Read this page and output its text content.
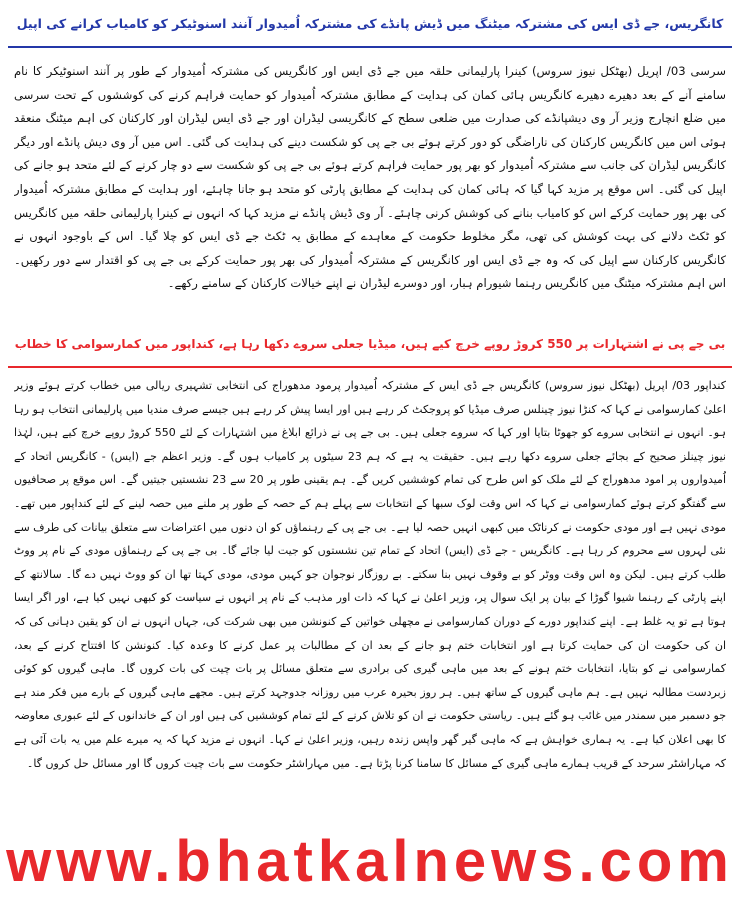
کانگریس، جے ڈی ایس کی مشترکہ میٹنگ میں ڈیش پانڈے کی مشترکہ اُمیدوار آنند اسنوٹیکر کو کامیاب کرانے کی اپیل
سرسی 03/ اپریل (بھٹکل نیوز سروس) کینرا پارلیمانی حلقہ میں جے ڈی ایس اور کانگریس کی مشترکہ اُمیدوار کے طور پر آنند اسنوٹیکر کا نام سامنے آنے کے بعد دھیرے دھیرے کانگریس ہائی کمان کی ہدایت کے مطابق مشترکہ اُمیدوار کو حمایت فراہم کرنے کی کوششوں کے تحت سرسی میں ضلع انچارج وزیر آر وی دیشپانڈے کی صدارت میں ضلعی سطح کے کانگریسی لیڈران اور جے ڈی ایس لیڈران اور کارکنان کی اہم میٹنگ منعقد ہوئی اس میں کانگریس کارکنان کی ناراضگی کو دور کرتے ہوئے بی جے پی کو شکست دینے کی ہدایت کی گئی۔ اس میں آر وی دیش پانڈے اور دیگر کانگریس لیڈران کی جانب سے مشترکہ اُمیدوار کو بھر پور حمایت فراہم کرتے ہوئے بی جے پی کو شکست سے دو چار کرنے کے لئے متحد ہو جانے کی اپیل کی گئی۔ اس موقع پر مزید کہا گیا کہ ہائی کمان کی ہدایت کے مطابق پارٹی کو متحد ہو جانا چاہئے، اور ہدایت کے مطابق مشترکہ اُمیدوار کی بھر پور حمایت کرکے اس کو کامیاب بنانے کی کوشش کرنی چاہئے۔ آر وی ڈیش پانڈے نے مزید کہا کہ انہوں نے کینرا پارلیمانی حلقہ میں کانگریس کو ٹکٹ دلانے کی بہت کوشش کی تھی، مگر مخلوط حکومت کے معاہدے کے مطابق یہ ٹکٹ جے ڈی ایس کو چلا گیا۔ اس کے باوجود انہوں نے کانگریس کارکنان سے اپیل کی کہ وہ جے ڈی ایس اور کانگریس کے مشترکہ اُمیدوار کی بھر پور حمایت کرکے بی جے پی کو اقتدار سے دور رکھیں۔ اس اہم مشترکہ میٹنگ میں کانگریس رہنما شیورام ہبار، اور دوسرے لیڈران نے اپنے خیالات کارکنان کے سامنے رکھے۔
بی جے پی نے اشتہارات پر 550 کروڑ روپے خرچ کیے ہیں، میڈیا جعلی سروے دکھا رہا ہے، کنداپور میں کمارسوامی کا خطاب
کنداپور 03/ اپریل (بھٹکل نیوز سروس) کانگریس جے ڈی ایس کے مشترکہ اُمیدوار پرمود مدھوراج کی انتخابی تشہیری ریالی میں خطاب کرتے ہوئے وزیر اعلیٰ کمارسوامی نے کہا کہ کنڑا نیوز چینلس صرف میڈیا کو پروجکٹ کر رہے ہیں اور ایسا پیش کر رہے ہیں جیسے صرف مندیا میں پارلیمانی انتخاب ہو رہا ہو۔ انہوں نے انتخابی سروے کو جھوٹا بتایا اور کہا کہ سروے جعلی ہیں۔ بی جے پی نے ذرائع ابلاغ میں اشتہارات کے لئے 550 کروڑ روپے خرچ کیے ہیں، لہٰذا نیوز چینلز صحیح کے بجائے جعلی سروے دکھا رہے ہیں۔ حقیقت یہ ہے کہ ہم 23 سیٹوں پر کامیاب ہوں گے۔ وزیر اعظم جے (ایس) - کانگریس اتحاد کے اُمیدواروں پر امود مدھوراج کے لئے ملک کو اس طرح کی تمام کوششیں کریں گے۔ ہم یقینی طور پر 20 سے 23 نشستیں جیتیں گے۔ اس موقع پر صحافیوں سے گفتگو کرتے ہوئے کمارسوامی نے کہا کہ اس وقت لوک سبھا کے انتخابات سے پہلے ہم کے حصہ کے طور پر ملنے میں حصہ لینے کے لئے کنداپور میں تھے۔ مودی نہیں ہے اور مودی حکومت نے کرناٹک میں کبھی انہیں حصہ لیا ہے۔ بی جے پی کے رہنماؤں کو ان دنوں میں اعتراضات سے متعلق بیانات کی طرف سے نئی لہروں سے محروم کر رہا ہے۔ کانگریس - جے ڈی (ایس) اتحاد کے تمام تین نشستوں کو جیت لیا جائے گا۔ بی جے پی کے رہنماؤں مودی کے نام پر ووٹ طلب کرتے ہیں۔ لیکن وہ اس وقت ووٹر کو بے وقوف نہیں بنا سکتے۔ بے روزگار نوجوان جو کہیں مودی، مودی کہتا تھا ان کو ووٹ نہیں دے گا۔ سالانتھ کے اپنے پارٹی کے رہنما شیوا گوڑا کے بیان پر ایک سوال پر، وزیر اعلیٰ نے کہا کہ ذات اور مذہب کے نام پر انہوں نے سیاست کو کبھی نہیں کیا ہے، اور اگر ایسا ہوتا ہے تو یہ غلط ہے۔ اپنے کنداپور دورے کے دوران کمارسوامی نے مچھلی خواتین کے کنونشن میں بھی شرکت کی، جہاں انہوں نے ان کو یقین دہانی کی کہ ان کی حکومت ان کی حمایت کرتا ہے اور انتخابات ختم ہو جانے کے بعد ان کے مطالبات پر عمل کرنے کا وعدہ کیا۔ کنونشن کا افتتاح کرنے کے بعد، کمارسوامی نے کو بتایا، انتخابات ختم ہونے کے بعد میں ماہی گیری کی برادری سے متعلق مسائل پر بات چیت کی بات کروں گا۔ ماہی گیروں کو کوئی زبردست مطالبہ نہیں ہے۔ ہم ماہی گیروں کے ساتھ ہیں۔ ہر روز بحیرہ عرب میں روزانہ جدوجہد کرتے ہیں۔ مجھے ماہی گیروں کے بارے میں فکر مند ہے جو دسمبر میں سمندر میں غائب ہو گئے ہیں۔ ریاستی حکومت نے ان کو تلاش کرنے کے لئے تمام کوششیں کی ہیں اور ان کے خاندانوں کے لئے عبوری معاوضہ کا بھی اعلان کیا ہے۔ یہ ہماری خواہش ہے کہ ماہی گیر گھر واپس زندہ رہیں، وزیر اعلیٰ نے کہا۔ انہوں نے مزید کہا کہ یہ میرے علم میں یہ بات آئی ہے کہ مہاراشٹر سرحد کے قریب ہمارے ماہی گیری کے مسائل کا سامنا کرنا پڑتا ہے۔ میں مہاراشٹر حکومت سے بات چیت کروں گا اور مسائل حل کروں گا۔
www.bhatkalnews.com
